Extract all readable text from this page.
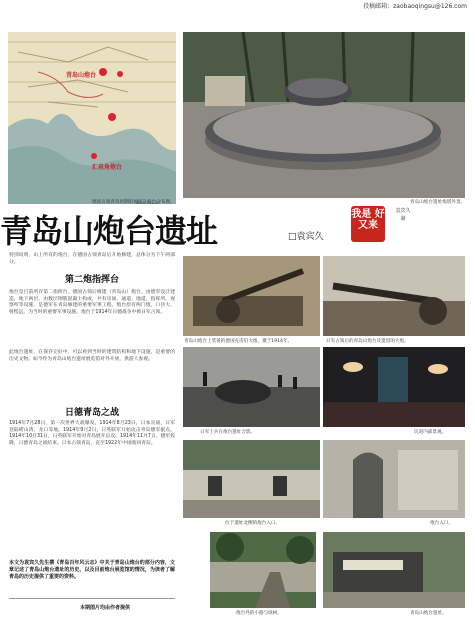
投稿邮箱：zaobaoqingsu@126.com
青岛山炮台
汇泉角炮台
德国占领青岛时期的地形及炮台分布图。	青岛山炮台遗址炮塔外景。
青岛山炮台遗址	□袁宾久
我是 好又来
袁宾久 制
特别说明，山上所有的炮台，在德国占领青岛后开始修建，总体分为下午两部分。
第二炮指挥台
炮台是目前所存第二指挥台，德国占领后修建（青岛山）炮台。由德军设计建造，地下两层，由数层钢筋混凝土构成，共有房间、通道、地道、指挥所、观察所等设施。是德军在青岛修建的重要军事工程。炮台原有两门炮，口径大、射程远，为当时的重要军事设施。炮台于1914年日德战争中被日军占领。
此炮台遗址，在保存完好中，可以看到当时的建筑结构和地下设施，是重要的历史文物。如今作为青岛山炮台遗址展览馆对外开放，供游人参观。
日德青岛之战
1914年7月28日，第一次世界大战爆发。1914年8月23日，日本宣战，日军登陆崂山湾、龙口等地。1914年9月2日，日英联军开始攻击青岛德军据点。1914年10月31日，日英联军开始对青岛展开总攻。1914年11月7日，德军投降，日德青岛之战结束。日本占领青岛，直至1922年中国收回青岛。
本文为袁宾久先生撰《青岛百年风云志》中关于青岛山炮台的部分内容，文章记述了青岛山炮台遗址的历史，以及目前炮台展览馆的情况，为读者了解青岛的历史提供了重要的资料。
本期图片均由作者提供
青岛山炮台上装备的德国克虏伯大炮，摄于1914年。	日军占领后的青岛山炮台及遗留的大炮。
日军士兵在炮台遗址合影。	坑道内部景观。
位于遗址北侧的炮台入口。	炮台入口。
炮台外的小路与绿树。	青岛山炮台遗址。
